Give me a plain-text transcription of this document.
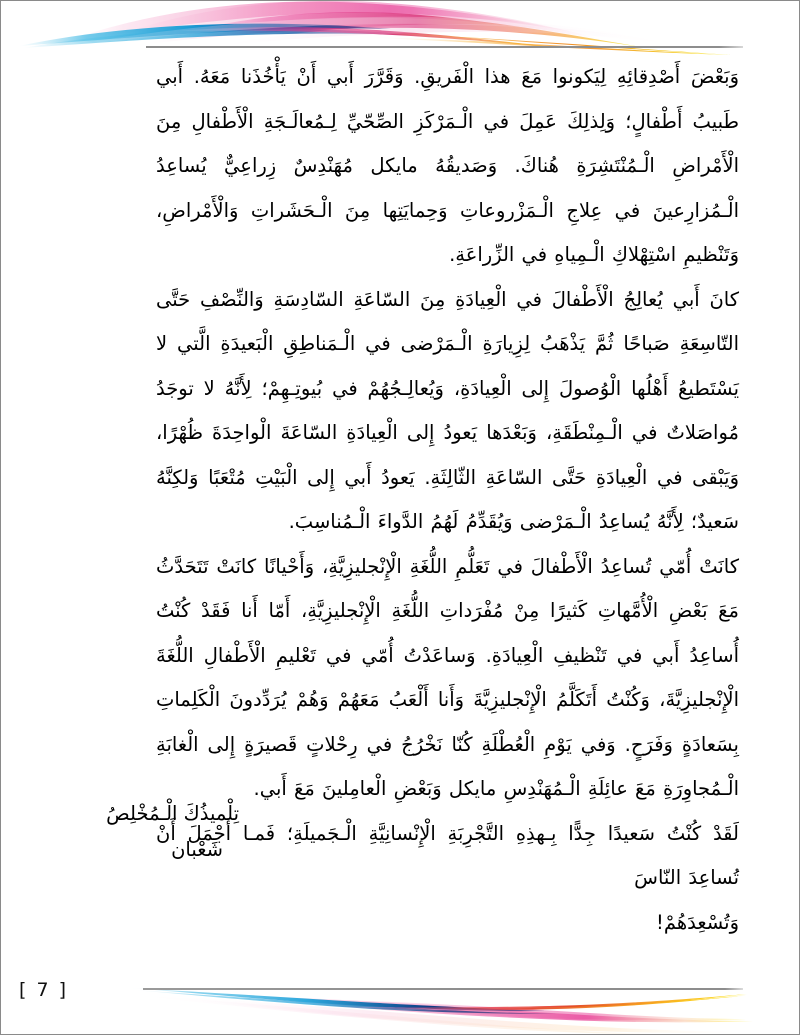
وَبَعْضَ أَصْدِقائِهِ لِيَكونوا مَعَ هذا الْفَريقِ. وَقَرَّرَ أَبي أَنْ يَأْخُذَنا مَعَهُ. أَبي طَبيبُ أَطْفالٍ؛ وَلِذلِكَ عَمِلَ في الْـمَرْكَزِ الصِّحّيِّ لِـمُعالَـجَةِ الْأَطْفالِ مِنَ الْأَمْراضِ الْـمُنْتَشِرَةِ هُناكَ. وَصَديقُهُ مايكل مُهَنْدِسٌ زِراعِيٌّ يُساعِدُ الْـمُزارِعينَ في عِلاجِ الْـمَزْروعاتِ وَحِمايَتِها مِنَ الْـحَشَراتِ وَالْأَمْراضِ، وَتَنْظيمِ اسْتِهْلاكِ الْـمِياهِ في الزِّراعَةِ.

كانَ أَبي يُعالِجُ الْأَطْفالَ في الْعِيادَةِ مِنَ السّاعَةِ السّادِسَةِ وَالنِّصْفِ حَتَّى التّاسِعَةِ صَباحًا ثُمَّ يَذْهَبُ لِزِيارَةِ الْـمَرْضى في الْـمَناطِقِ الْبَعيدَةِ الَّتي لا يَسْتَطيعُ أَهْلُها الْوُصولَ إِلى الْعِيادَةِ، وَيُعالِـجُهُمْ في بُيوتِـهِمْ؛ لِأَنَّهُ لا توجَدُ مُواصَلاتٌ في الْـمِنْطَقَةِ، وَبَعْدَها يَعودُ إِلى الْعِيادَةِ السّاعَةَ الْواحِدَةَ ظُهْرًا، وَيَبْقى في الْعِيادَةِ حَتَّى السّاعَةِ الثّالِثَةِ. يَعودُ أَبي إِلى الْبَيْتِ مُتْعَبًا وَلكِنَّهُ سَعيدٌ؛ لِأَنَّهُ يُساعِدُ الْـمَرْضى وَيُقَدِّمُ لَهُمُ الدَّواءَ الْـمُناسِبَ.

كانَتْ أُمّي تُساعِدُ الْأَطْفالَ في تَعَلُّمِ اللُّغَةِ الْإِنْجليزِيَّةِ، وَأَحْيانًا كانَتْ تَتَحَدَّثُ مَعَ بَعْضِ الْأُمَّهاتِ كَثيرًا مِنْ مُفْرَداتِ اللُّغَةِ الْإِنْجليزِيَّةِ، أَمّا أَنا فَقَدْ كُنْتُ أُساعِدُ أَبي في تَنْظيفِ الْعِيادَةِ. وَساعَدْتُ أُمّي في تَعْليمِ الْأَطْفالِ اللُّغَةَ الْإِنْجليزِيَّةَ، وَكُنْتُ أَتَكَلَّمُ الْإِنْجليزِيَّةَ وَأَنا أَلْعَبُ مَعَهُمْ وَهُمْ يُرَدِّدونَ الْكَلِماتِ بِسَعادَةٍ وَفَرَحٍ. وَفي يَوْمِ الْعُطْلَةِ كُنّا نَخْرُجُ في رِحْلاتٍ قَصيرَةٍ إِلى الْغابَةِ الْـمُجاوِرَةِ مَعَ عائِلَةِ الْـمُهَنْدِسِ مايكل وَبَعْضِ الْعامِلينَ مَعَ أَبي.

لَقَدْ كُنْتُ سَعيدًا جِدًّا بِـهذِهِ التَّجْرِبَةِ الْإِنْسانِيَّةِ الْـجَميلَةِ؛ فَمـا أَجْمَلَ أَنْ تُساعِدَ النّاسَ

وَتُسْعِدَهُمْ!

تِلْميذُكَ الْـمُخْلِصُ
شَعْبان
[ 7 ]
